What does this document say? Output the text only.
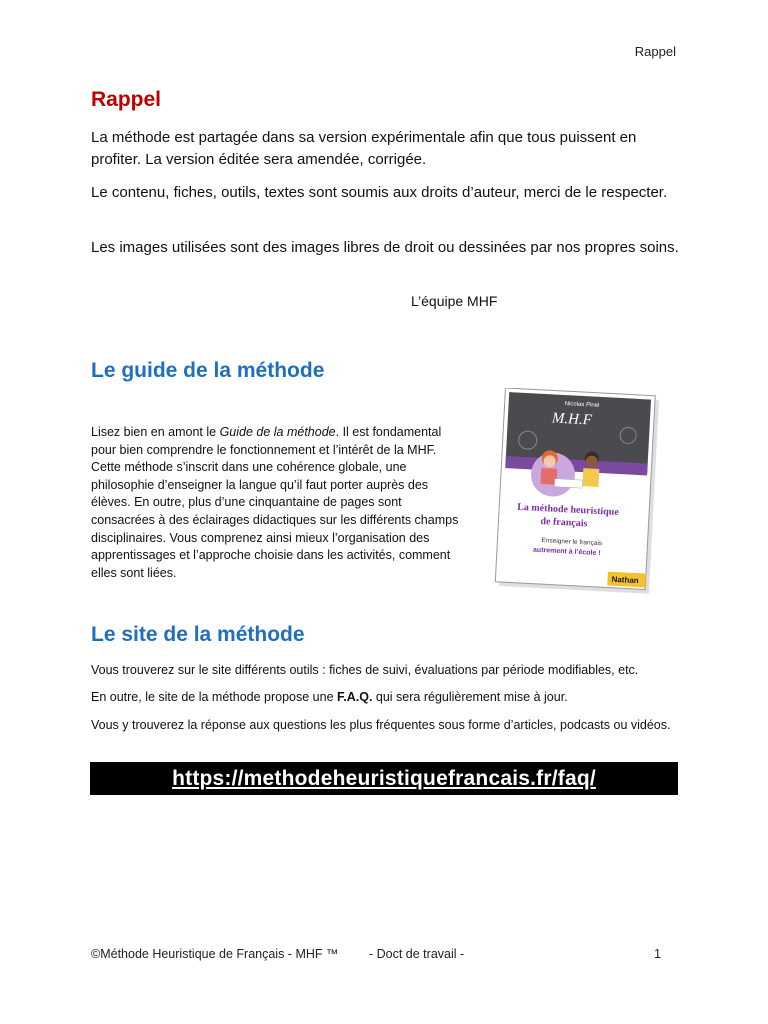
Rappel
Rappel
La méthode est partagée dans sa version expérimentale afin que tous puissent en profiter. La version éditée sera amendée, corrigée.
Le contenu, fiches, outils, textes sont soumis aux droits d’auteur, merci de le respecter.
Les images utilisées sont des images libres de droit ou dessinées par nos propres soins.
L’équipe MHF
Le guide de la méthode
Lisez bien en amont le Guide de la méthode. Il est fondamental pour bien comprendre le fonctionnement et l’intérêt de la MHF. Cette méthode s’inscrit dans une cohérence globale, une philosophie d’enseigner la langue qu’il faut porter auprès des élèves. En outre, plus d’une cinquantaine de pages sont consacrées à des éclairages didactiques sur les différents champs disciplinaires. Vous comprenez ainsi mieux l’organisation des apprentissages et l’approche choisie dans les activités, comment elles sont liées.
Nicolas Pinel
M.H.F
La méthode heuristique
de français
Enseigner le français
autrement à l’école !
Nathan
Le site de la méthode
Vous trouverez sur le site différents outils : fiches de suivi, évaluations par période modifiables, etc.
En outre, le site de la méthode propose une F.A.Q. qui sera régulièrement mise à jour.
Vous y trouverez la réponse aux questions les plus fréquentes sous forme d’articles, podcasts ou vidéos.
https://methodeheuristiquefrancais.fr/faq/
©Méthode Heuristique de Français - MHF ™ - Doct de travail -	1
